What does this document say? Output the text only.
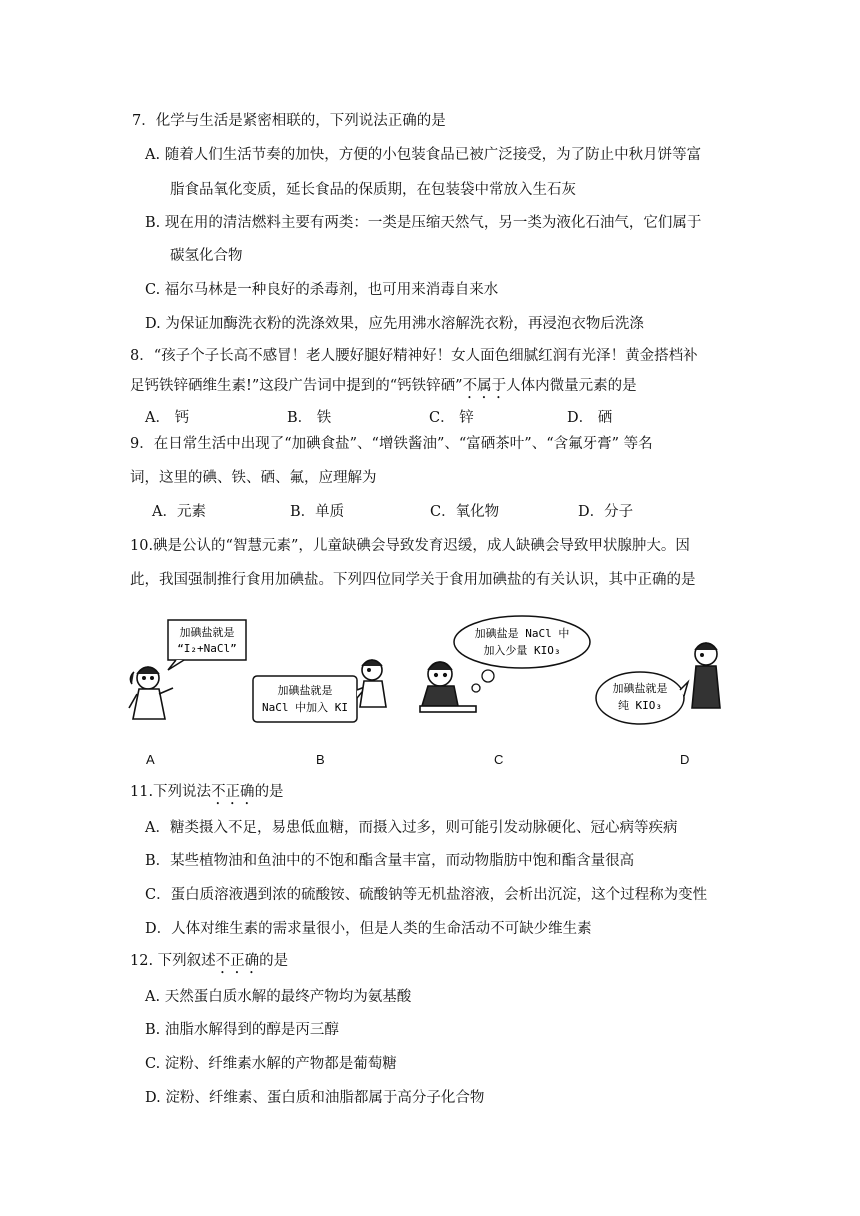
7．化学与生活是紧密相联的，下列说法正确的是
A. 随着人们生活节奏的加快，方便的小包装食品已被广泛接受，为了防止中秋月饼等富
脂食品氧化变质，延长食品的保质期，在包装袋中常放入生石灰
B. 现在用的清洁燃料主要有两类：一类是压缩天然气，另一类为液化石油气，它们属于
碳氢化合物
C. 福尔马林是一种良好的杀毒剂，也可用来消毒自来水
D. 为保证加酶洗衣粉的洗涤效果，应先用沸水溶解洗衣粉，再浸泡衣物后洗涤
8．“孩子个子长高不感冒！老人腰好腿好精神好！女人面色细腻红润有光泽！黄金搭档补
足钙铁锌硒维生素!”这段广告词中提到的“钙铁锌硒”不属于人体内微量元素的是
A． 钙	B． 铁	C． 锌	D． 硒
9．在日常生活中出现了“加碘食盐”、“增铁酱油”、“富硒茶叶”、“含氟牙膏” 等名
词，这里的碘、铁、硒、氟，应理解为
A．元素	B．单质	C．氧化物	D．分子
10.碘是公认的“智慧元素”，儿童缺碘会导致发育迟缓，成人缺碘会导致甲状腺肿大。因
此，我国强制推行食用加碘盐。下列四位同学关于食用加碘盐的有关认识，其中正确的是
加碘盐就是
“I₂+NaCl”
加碘盐就是
NaCl 中加入 KI
加碘盐是 NaCl 中
加入少量 KIO₃
加碘盐就是
纯 KIO₃
A	B	C	D
11.下列说法不正确的是
A．糖类摄入不足，易患低血糖，而摄入过多，则可能引发动脉硬化、冠心病等疾病
B．某些植物油和鱼油中的不饱和酯含量丰富，而动物脂肪中饱和酯含量很高
C．蛋白质溶液遇到浓的硫酸铵、硫酸钠等无机盐溶液，会析出沉淀，这个过程称为变性
D．人体对维生素的需求量很小，但是人类的生命活动不可缺少维生素
12. 下列叙述不正确的是
A. 天然蛋白质水解的最终产物均为氨基酸
B. 油脂水解得到的醇是丙三醇
C. 淀粉、纤维素水解的产物都是葡萄糖
D. 淀粉、纤维素、蛋白质和油脂都属于高分子化合物
